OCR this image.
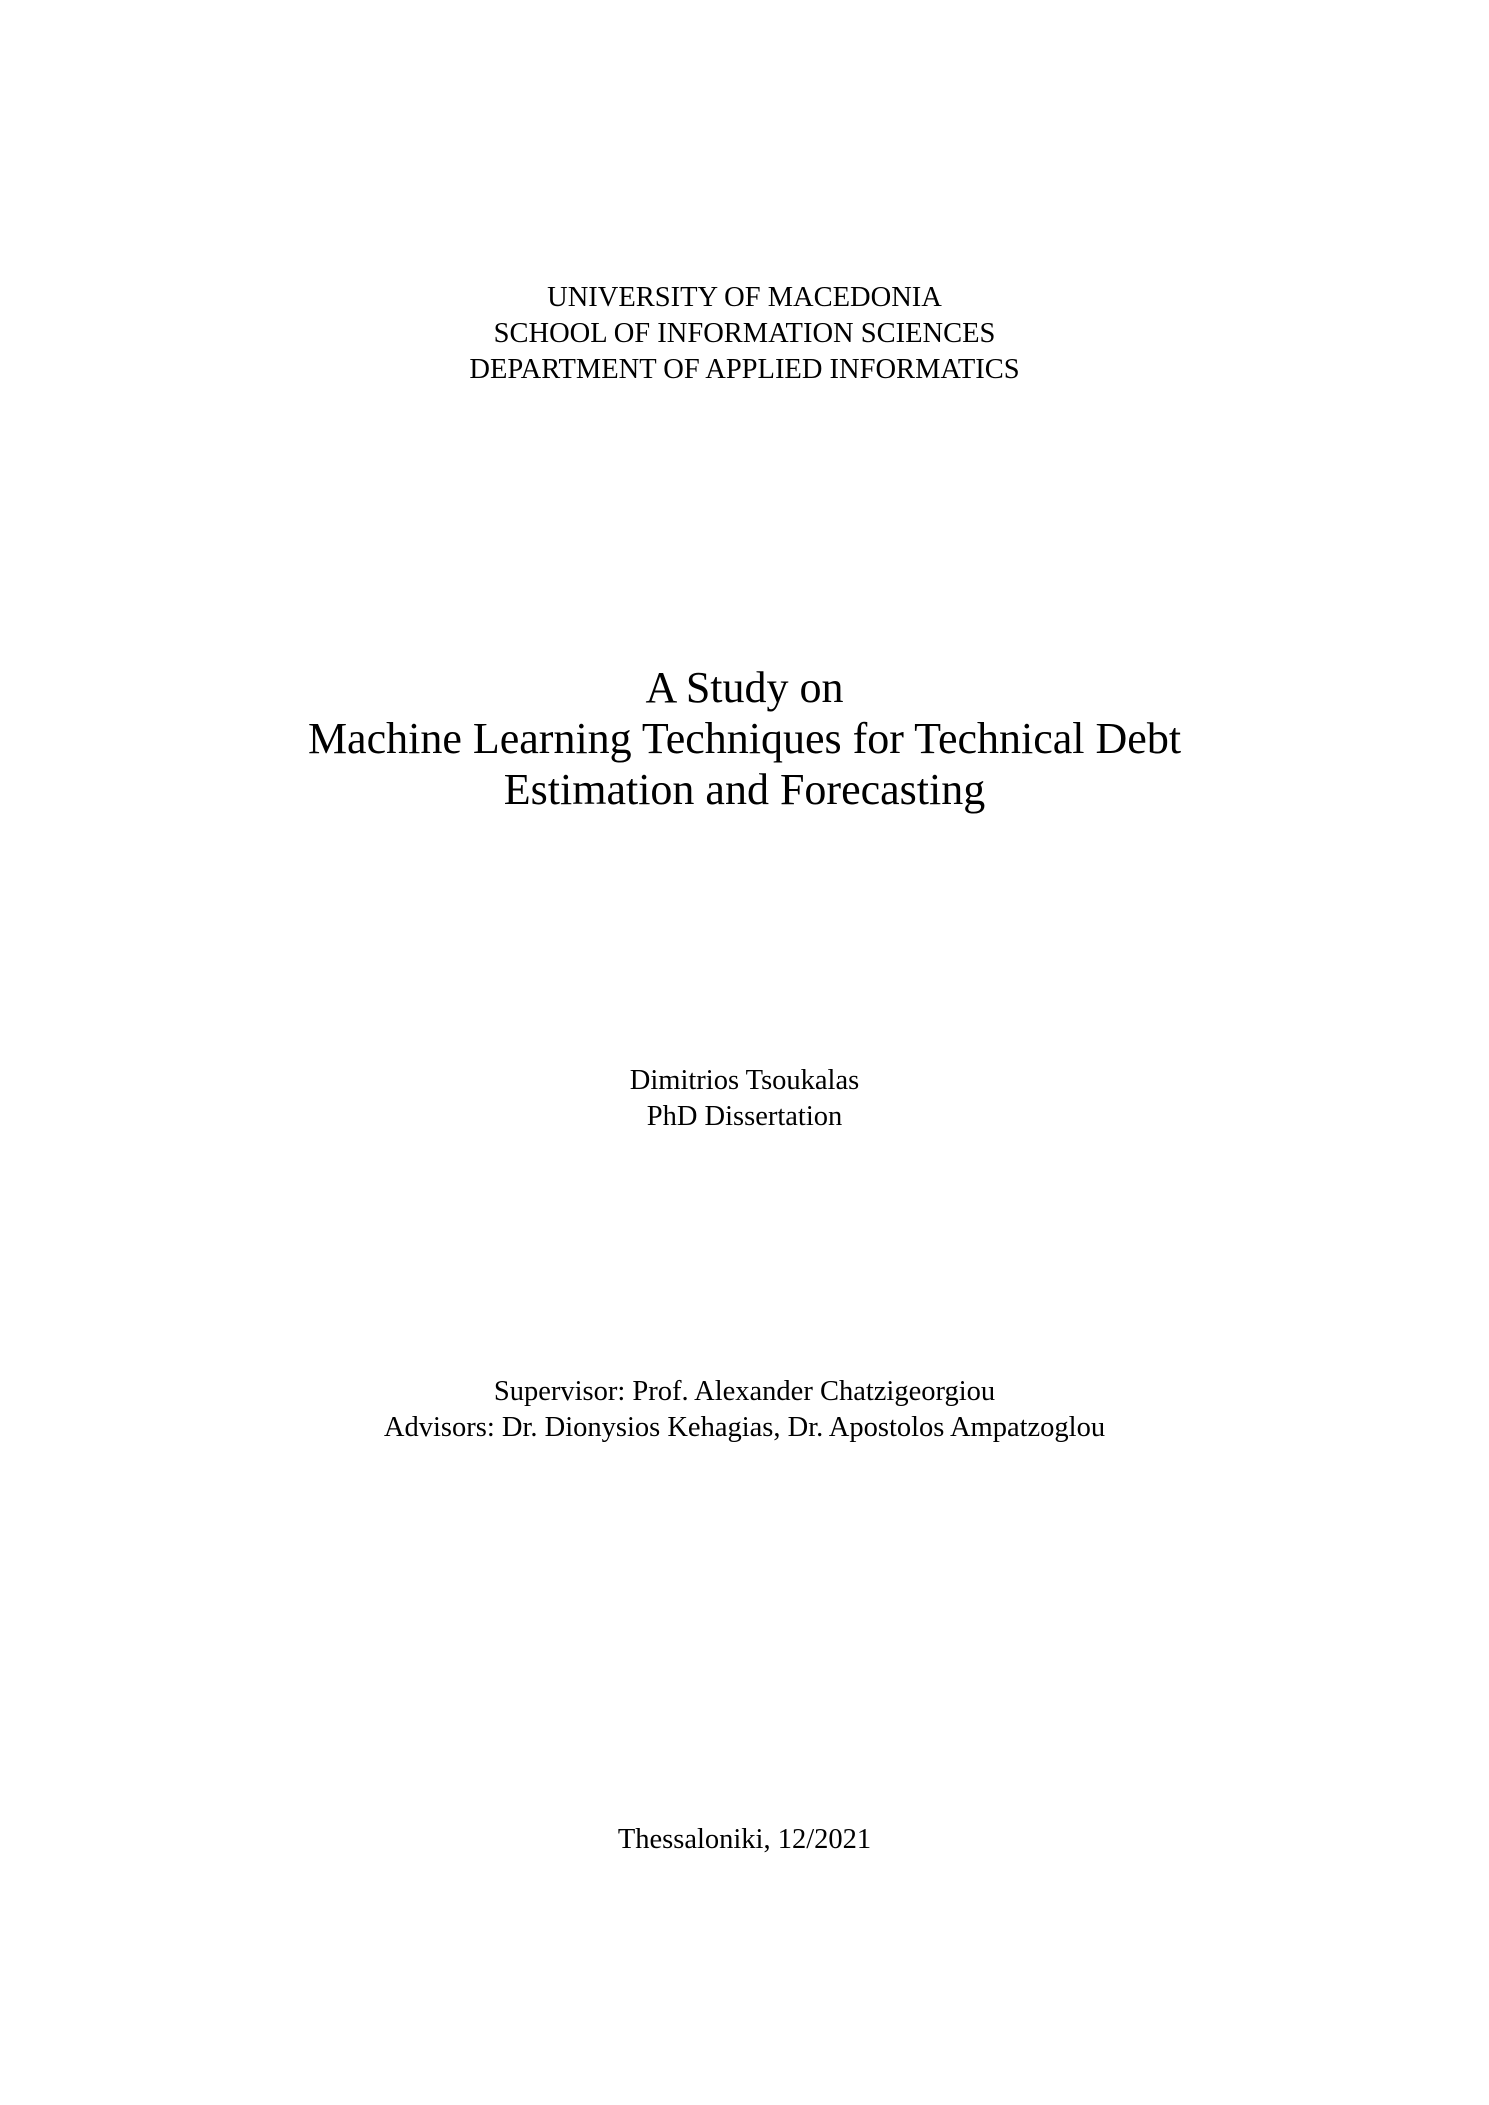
UNIVERSITY OF MACEDONIA
SCHOOL OF INFORMATION SCIENCES
DEPARTMENT OF APPLIED INFORMATICS
A Study on
Machine Learning Techniques for Technical Debt
Estimation and Forecasting
Dimitrios Tsoukalas
PhD Dissertation
Supervisor: Prof. Alexander Chatzigeorgiou
Advisors: Dr. Dionysios Kehagias, Dr. Apostolos Ampatzoglou
Thessaloniki, 12/2021
